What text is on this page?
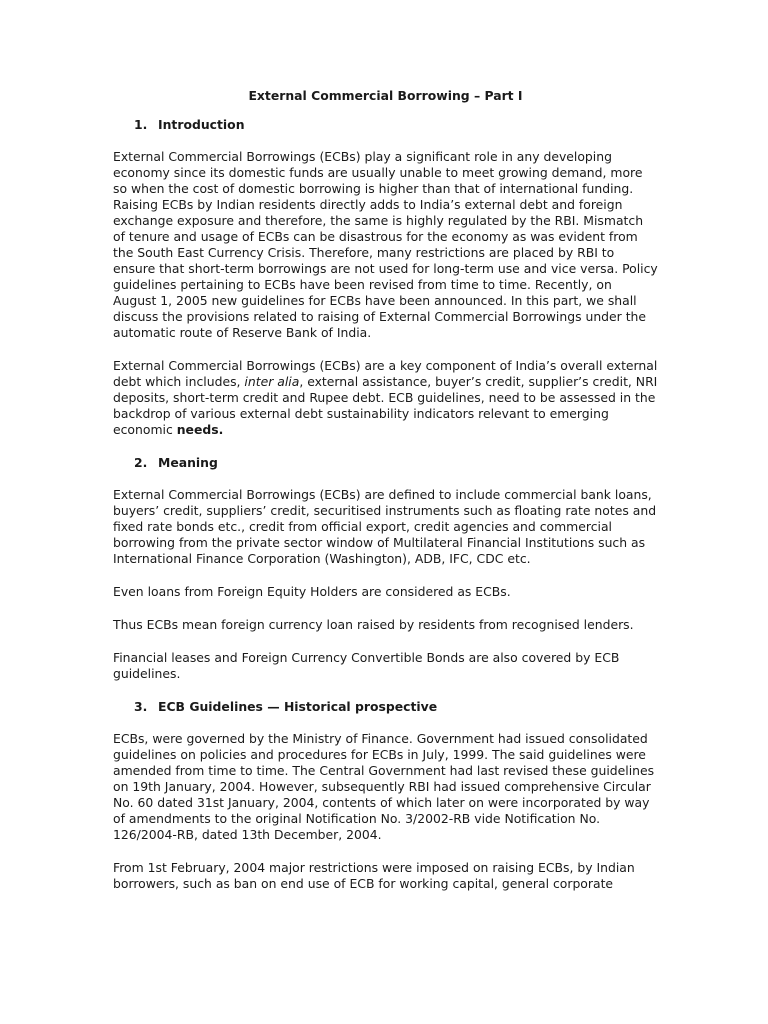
External Commercial Borrowing – Part I
1. Introduction

External Commercial Borrowings (ECBs) play a significant role in any developing economy since its domestic funds are usually unable to meet growing demand, more so when the cost of domestic borrowing is higher than that of international funding. Raising ECBs by Indian residents directly adds to India’s external debt and foreign exchange exposure and therefore, the same is highly regulated by the RBI. Mismatch of tenure and usage of ECBs can be disastrous for the economy as was evident from the South East Currency Crisis. Therefore, many restrictions are placed by RBI to ensure that short-term borrowings are not used for long-term use and vice versa. Policy guidelines pertaining to ECBs have been revised from time to time. Recently, on August 1, 2005 new guidelines for ECBs have been announced. In this part, we shall discuss the provisions related to raising of External Commercial Borrowings under the automatic route of Reserve Bank of India.

External Commercial Borrowings (ECBs) are a key component of India’s overall external debt which includes, inter alia, external assistance, buyer’s credit, supplier’s credit, NRI deposits, short-term credit and Rupee debt. ECB guidelines, need to be assessed in the backdrop of various external debt sustainability indicators relevant to emerging economic needs.

2. Meaning

External Commercial Borrowings (ECBs) are defined to include commercial bank loans, buyers’ credit, suppliers’ credit, securitised instruments such as floating rate notes and fixed rate bonds etc., credit from official export, credit agencies and commercial borrowing from the private sector window of Multilateral Financial Institutions such as International Finance Corporation (Washington), ADB, IFC, CDC etc.

Even loans from Foreign Equity Holders are considered as ECBs.

Thus ECBs mean foreign currency loan raised by residents from recognised lenders.

Financial leases and Foreign Currency Convertible Bonds are also covered by ECB guidelines.

3. ECB Guidelines — Historical prospective

ECBs, were governed by the Ministry of Finance. Government had issued consolidated guidelines on policies and procedures for ECBs in July, 1999. The said guidelines were amended from time to time. The Central Government had last revised these guidelines on 19th January, 2004. However, subsequently RBI had issued comprehensive Circular No. 60 dated 31st January, 2004, contents of which later on were incorporated by way of amendments to the original Notification No. 3/2002-RB vide Notification No. 126/2004-RB, dated 13th December, 2004.

From 1st February, 2004 major restrictions were imposed on raising ECBs, by Indian borrowers, such as ban on end use of ECB for working capital, general corporate
